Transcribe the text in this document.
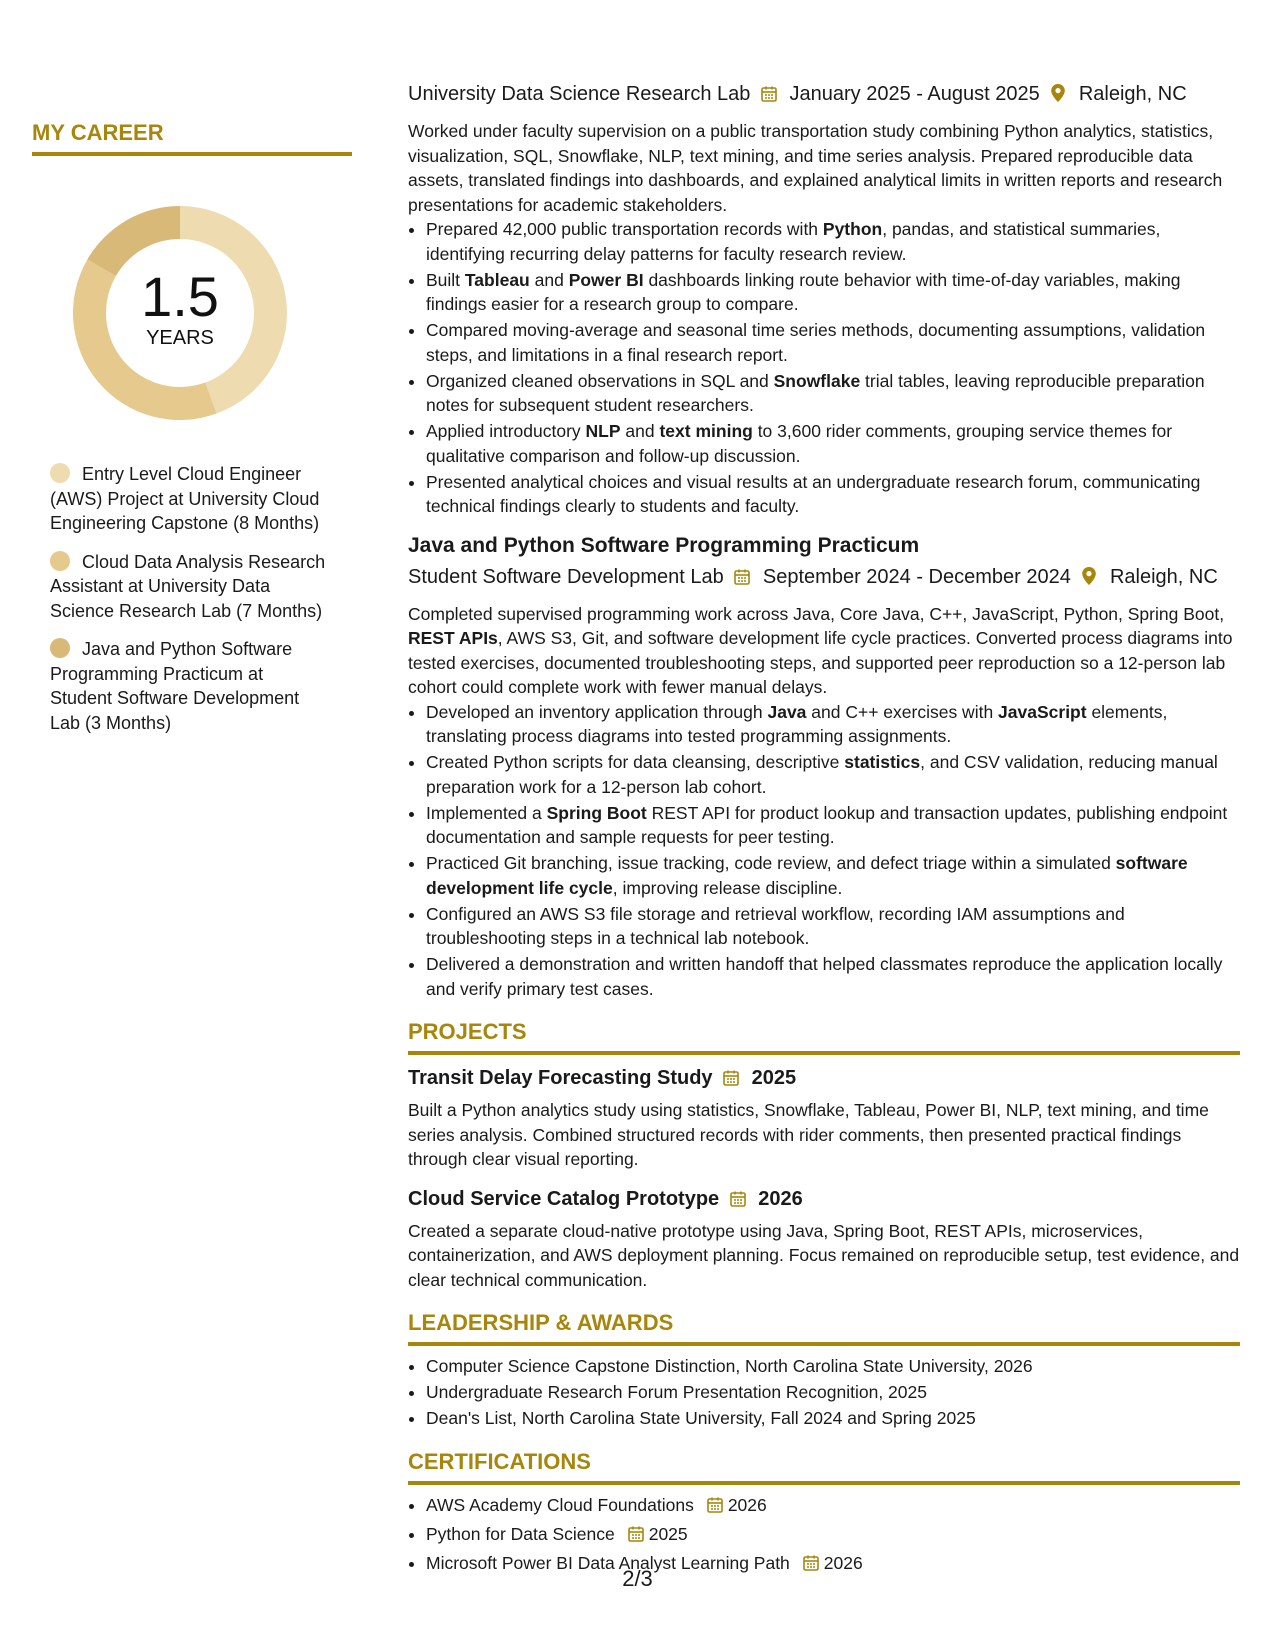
MY CAREER
1.5
YEARS
Entry Level Cloud Engineer (AWS) Project at University Cloud Engineering Capstone (8 Months)
Cloud Data Analysis Research Assistant at University Data Science Research Lab (7 Months)
Java and Python Software Programming Practicum at Student Software Development Lab (3 Months)
University Data Science Research Lab January 2025 - August 2025 Raleigh, NC

Worked under faculty supervision on a public transportation study combining Python analytics, statistics, visualization, SQL, Snowflake, NLP, text mining, and time series analysis. Prepared reproducible data assets, translated findings into dashboards, and explained analytical limits in written reports and research presentations for academic stakeholders.

• Prepared 42,000 public transportation records with Python, pandas, and statistical summaries, identifying recurring delay patterns for faculty research review.
• Built Tableau and Power BI dashboards linking route behavior with time-of-day variables, making findings easier for a research group to compare.
• Compared moving-average and seasonal time series methods, documenting assumptions, validation steps, and limitations in a final research report.
• Organized cleaned observations in SQL and Snowflake trial tables, leaving reproducible preparation notes for subsequent student researchers.
• Applied introductory NLP and text mining to 3,600 rider comments, grouping service themes for qualitative comparison and follow-up discussion.
• Presented analytical choices and visual results at an undergraduate research forum, communicating technical findings clearly to students and faculty.
Java and Python Software Programming Practicum
Student Software Development Lab September 2024 - December 2024 Raleigh, NC

Completed supervised programming work across Java, Core Java, C++, JavaScript, Python, Spring Boot, REST APIs, AWS S3, Git, and software development life cycle practices. Converted process diagrams into tested exercises, documented troubleshooting steps, and supported peer reproduction so a 12-person lab cohort could complete work with fewer manual delays.

• Developed an inventory application through Java and C++ exercises with JavaScript elements, translating process diagrams into tested programming assignments.
• Created Python scripts for data cleansing, descriptive statistics, and CSV validation, reducing manual preparation work for a 12-person lab cohort.
• Implemented a Spring Boot REST API for product lookup and transaction updates, publishing endpoint documentation and sample requests for peer testing.
• Practiced Git branching, issue tracking, code review, and defect triage within a simulated software development life cycle, improving release discipline.
• Configured an AWS S3 file storage and retrieval workflow, recording IAM assumptions and troubleshooting steps in a technical lab notebook.
• Delivered a demonstration and written handoff that helped classmates reproduce the application locally and verify primary test cases.
PROJECTS
Transit Delay Forecasting Study 2025

Built a Python analytics study using statistics, Snowflake, Tableau, Power BI, NLP, text mining, and time series analysis. Combined structured records with rider comments, then presented practical findings through clear visual reporting.

Cloud Service Catalog Prototype 2026

Created a separate cloud-native prototype using Java, Spring Boot, REST APIs, microservices, containerization, and AWS deployment planning. Focus remained on reproducible setup, test evidence, and clear technical communication.

LEADERSHIP & AWARDS
• Computer Science Capstone Distinction, North Carolina State University, 2026
• Undergraduate Research Forum Presentation Recognition, 2025
• Dean's List, North Carolina State University, Fall 2024 and Spring 2025
CERTIFICATIONS
• AWS Academy Cloud Foundations 2026
• Python for Data Science 2025
• Microsoft Power BI Data Analyst Learning Path 2026
2/3
